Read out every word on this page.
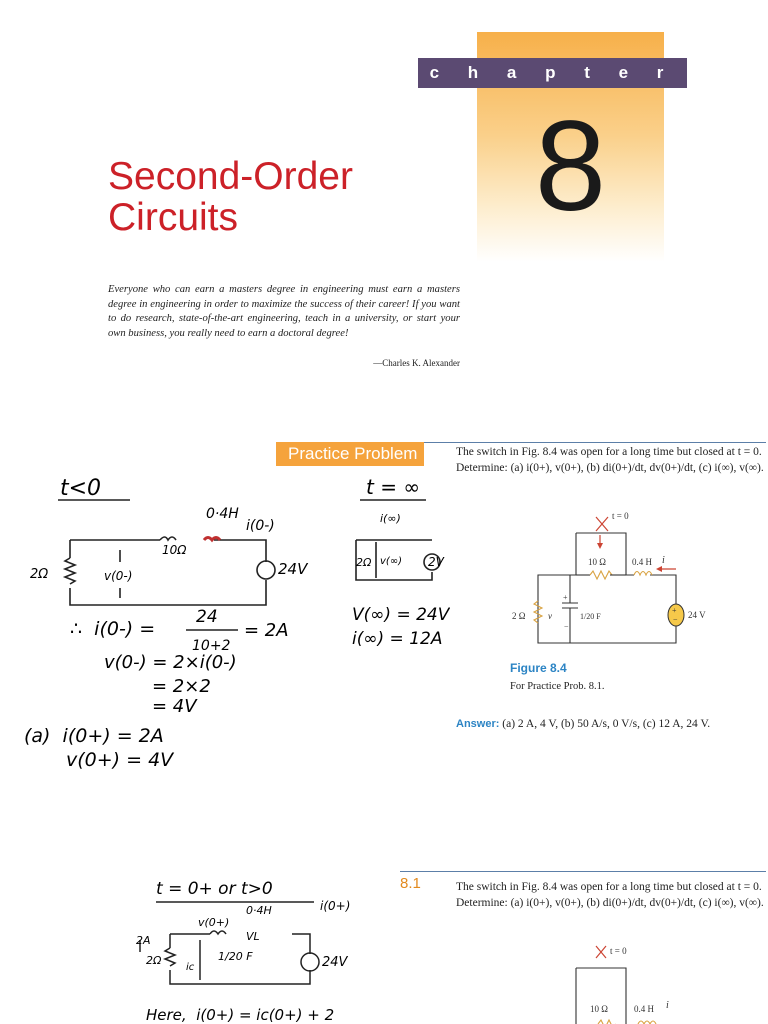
c h a p t e r
8
Second-Order
Circuits
Everyone who can earn a masters degree in engineering must earn a masters degree in engineering in order to maximize the success of their career! If you want to do research, state-of-the-art engineering, teach in a university, or start your own business, you really need to earn a doctoral degree!
—Charles K. Alexander
Practice Problem 8.1
The switch in Fig. 8.4 was open for a long time but closed at t = 0.
Determine: (a) i(0+), v(0+), (b) di(0+)/dt, dv(0+)/dt, (c) i(∞), v(∞).
+
−
t = 0
10 Ω	0.4 H i
2 Ω	v	1/20 F	24 V
+
−
Figure 8.4
For Practice Prob. 8.1.
Answer: (a) 2 A, 4 V, (b) 50 A/s, 0 V/s, (c) 12 A, 24 V.
t<0
0·4H
i(0-)
10Ω
2Ω	v(0-)	24V
∴  i(0-) =
24
10+2
= 2A
v(0-) = 2×i(0-)
= 2×2
= 4V
(a)  i(0+) = 2A
v(0+) = 4V
t = ∞
i(∞)
2Ω v(∞) 2V
V(∞) = 24V
i(∞) = 12A
8.1	The switch in Fig. 8.4 was open for a long time but closed at t = 0.
Determine: (a) i(0+), v(0+), (b) di(0+)/dt, dv(0+)/dt, (c) i(∞), v(∞).
t = 0
10 Ω	0.4 H i
t = 0+ or t>0
v(0+)
0·4H
VL
i(0+)
2A
2Ω
ic
1/20 F	24V
Here,  i(0+) = ic(0+) + 2
